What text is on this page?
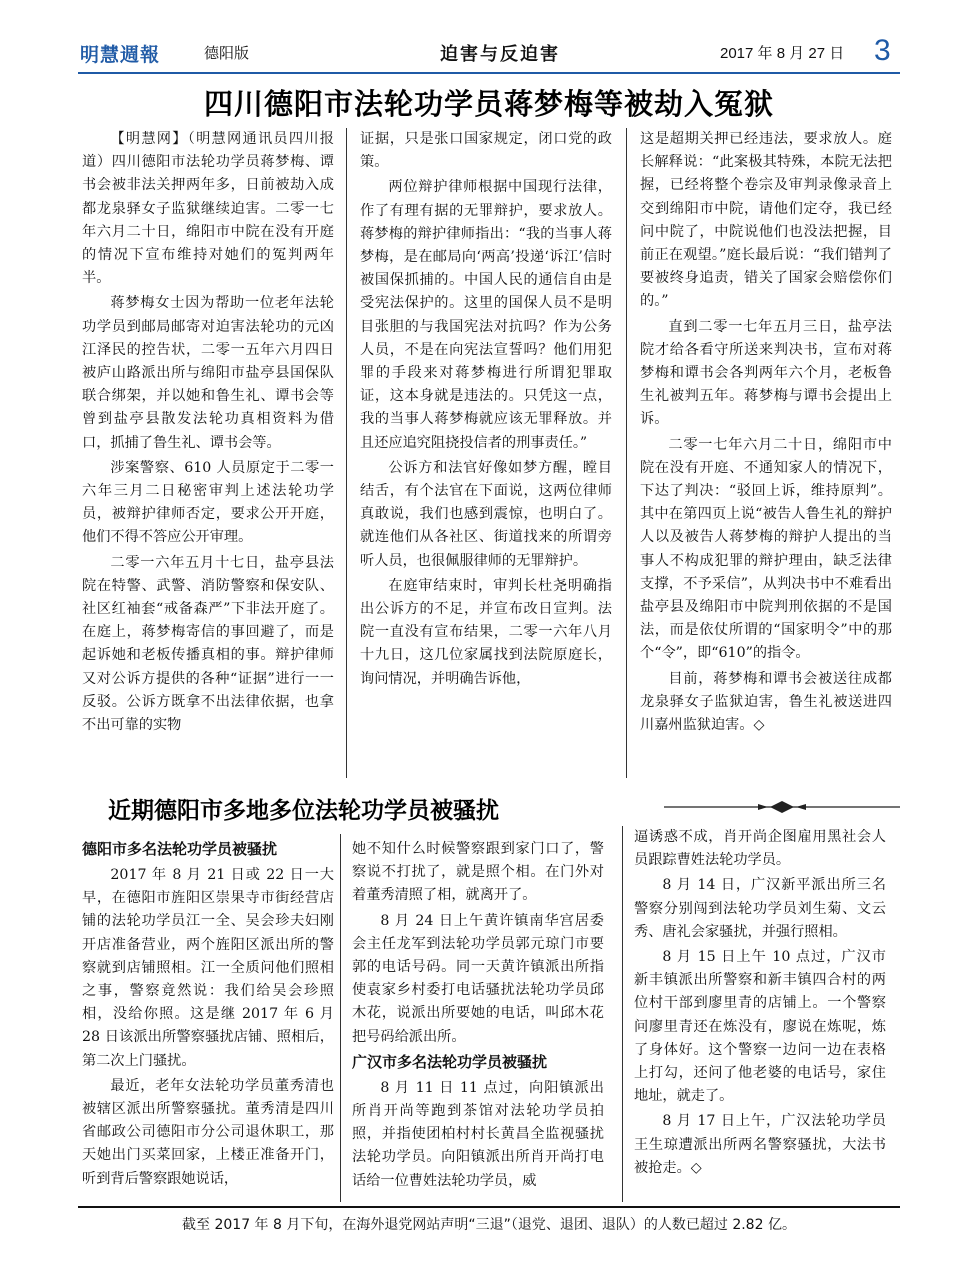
明慧週報	德阳版	迫害与反迫害	2017 年 8 月 27 日 3
四川德阳市法轮功学员蒋梦梅等被劫入冤狱

【明慧网】（明慧网通讯员四川报道）四川德阳市法轮功学员蒋梦梅、谭书会被非法关押两年多，日前被劫入成都龙泉驿女子监狱继续迫害。二零一七年六月二十日，绵阳市中院在没有开庭的情况下宣布维持对她们的冤判两年半。

蒋梦梅女士因为帮助一位老年法轮功学员到邮局邮寄对迫害法轮功的元凶江泽民的控告状，二零一五年六月四日被庐山路派出所与绵阳市盐亭县国保队联合绑架，并以她和鲁生礼、谭书会等曾到盐亭县散发法轮功真相资料为借口，抓捕了鲁生礼、谭书会等。

涉案警察、610 人员原定于二零一六年三月二日秘密审判上述法轮功学员，被辩护律师否定，要求公开开庭，他们不得不答应公开审理。

二零一六年五月十七日，盐亭县法院在特警、武警、消防警察和保安队、社区红袖套“戒备森严”下非法开庭了。在庭上，蒋梦梅寄信的事回避了，而是起诉她和老板传播真相的事。辩护律师又对公诉方提供的各种“证据”进行一一反驳。公诉方既拿不出法律依据，也拿不出可靠的实物

证据，只是张口国家规定，闭口党的政策。

两位辩护律师根据中国现行法律，作了有理有据的无罪辩护，要求放人。蒋梦梅的辩护律师指出：“我的当事人蒋梦梅，是在邮局向‘两高’投递‘诉江’信时被国保抓捕的。中国人民的通信自由是受宪法保护的。这里的国保人员不是明目张胆的与我国宪法对抗吗？作为公务人员，不是在向宪法宣誓吗？他们用犯罪的手段来对蒋梦梅进行所谓犯罪取证，这本身就是违法的。只凭这一点，我的当事人蒋梦梅就应该无罪释放。并且还应追究阻挠投信者的刑事责任。”

公诉方和法官好像如梦方醒，瞠目结舌，有个法官在下面说，这两位律师真敢说，我们也感到震惊，也明白了。就连他们从各社区、街道找来的所谓旁听人员，也很佩服律师的无罪辩护。

在庭审结束时，审判长杜尧明确指出公诉方的不足，并宣布改日宣判。法院一直没有宣布结果，二零一六年八月十九日，这几位家属找到法院原庭长，询问情况，并明确告诉他，

这是超期关押已经违法，要求放人。庭长解释说：“此案极其特殊，本院无法把握，已经将整个卷宗及审判录像录音上交到绵阳市中院，请他们定夺，我已经问中院了，中院说他们也没法把握，目前正在观望。”庭长最后说：“我们错判了要被终身追责，错关了国家会赔偿你们的。”

直到二零一七年五月三日，盐亭法院才给各看守所送来判决书，宣布对蒋梦梅和谭书会各判两年六个月，老板鲁生礼被判五年。蒋梦梅与谭书会提出上诉。

二零一七年六月二十日，绵阳市中院在没有开庭、不通知家人的情况下，下达了判决：“驳回上诉，维持原判”。其中在第四页上说“被告人鲁生礼的辩护人以及被告人蒋梦梅的辩护人提出的当事人不构成犯罪的辩护理由，缺乏法律支撑，不予采信”，从判决书中不难看出盐亭县及绵阳市中院判刑依据的不是国法，而是依仗所谓的“国家明令”中的那个“令”，即“610”的指令。

目前，蒋梦梅和谭书会被送往成都龙泉驿女子监狱迫害，鲁生礼被送进四川嘉州监狱迫害。◇

近期德阳市多地多位法轮功学员被骚扰
德阳市多名法轮功学员被骚扰

2017 年 8 月 21 日或 22 日一大早，在德阳市旌阳区崇果寺市街经营店铺的法轮功学员江一全、吴会珍夫妇刚开店准备营业，两个旌阳区派出所的警察就到店铺照相。江一全质问他们照相之事，警察竟然说：我们给吴会珍照相，没给你照。这是继 2017 年 6 月 28 日该派出所警察骚扰店铺、照相后，第二次上门骚扰。

最近，老年女法轮功学员董秀清也被辖区派出所警察骚扰。董秀清是四川省邮政公司德阳市分公司退休职工，那天她出门买菜回家，上楼正准备开门，听到背后警察跟她说话，

她不知什么时候警察跟到家门口了，警察说不打扰了，就是照个相。在门外对着董秀清照了相，就离开了。

8 月 24 日上午黄许镇南华宫居委会主任龙军到法轮功学员郭元琼门市要郭的电话号码。同一天黄许镇派出所指使袁家乡村委打电话骚扰法轮功学员邱木花，说派出所要她的电话，叫邱木花把号码给派出所。

广汉市多名法轮功学员被骚扰

8 月 11 日 11 点过，向阳镇派出所肖开尚等跑到茶馆对法轮功学员拍照，并指使团柏村村长黄昌全监视骚扰法轮功学员。向阳镇派出所肖开尚打电话给一位曹姓法轮功学员，威

逼诱惑不成，肖开尚企图雇用黑社会人员跟踪曹姓法轮功学员。

8 月 14 日，广汉新平派出所三名警察分别闯到法轮功学员刘生菊、文云秀、唐礼会家骚扰，并强行照相。

8 月 15 日上午 10 点过，广汉市新丰镇派出所警察和新丰镇四合村的两位村干部到廖里青的店铺上。一个警察问廖里青还在炼没有，廖说在炼呢，炼了身体好。这个警察一边问一边在表格上打勾，还问了他老婆的电话号，家住地址，就走了。

8 月 17 日上午，广汉法轮功学员王生琼遭派出所两名警察骚扰，大法书被抢走。◇

截至 2017 年 8 月下旬，在海外退党网站声明“三退”（退党、退团、退队）的人数已超过 2.82 亿。
